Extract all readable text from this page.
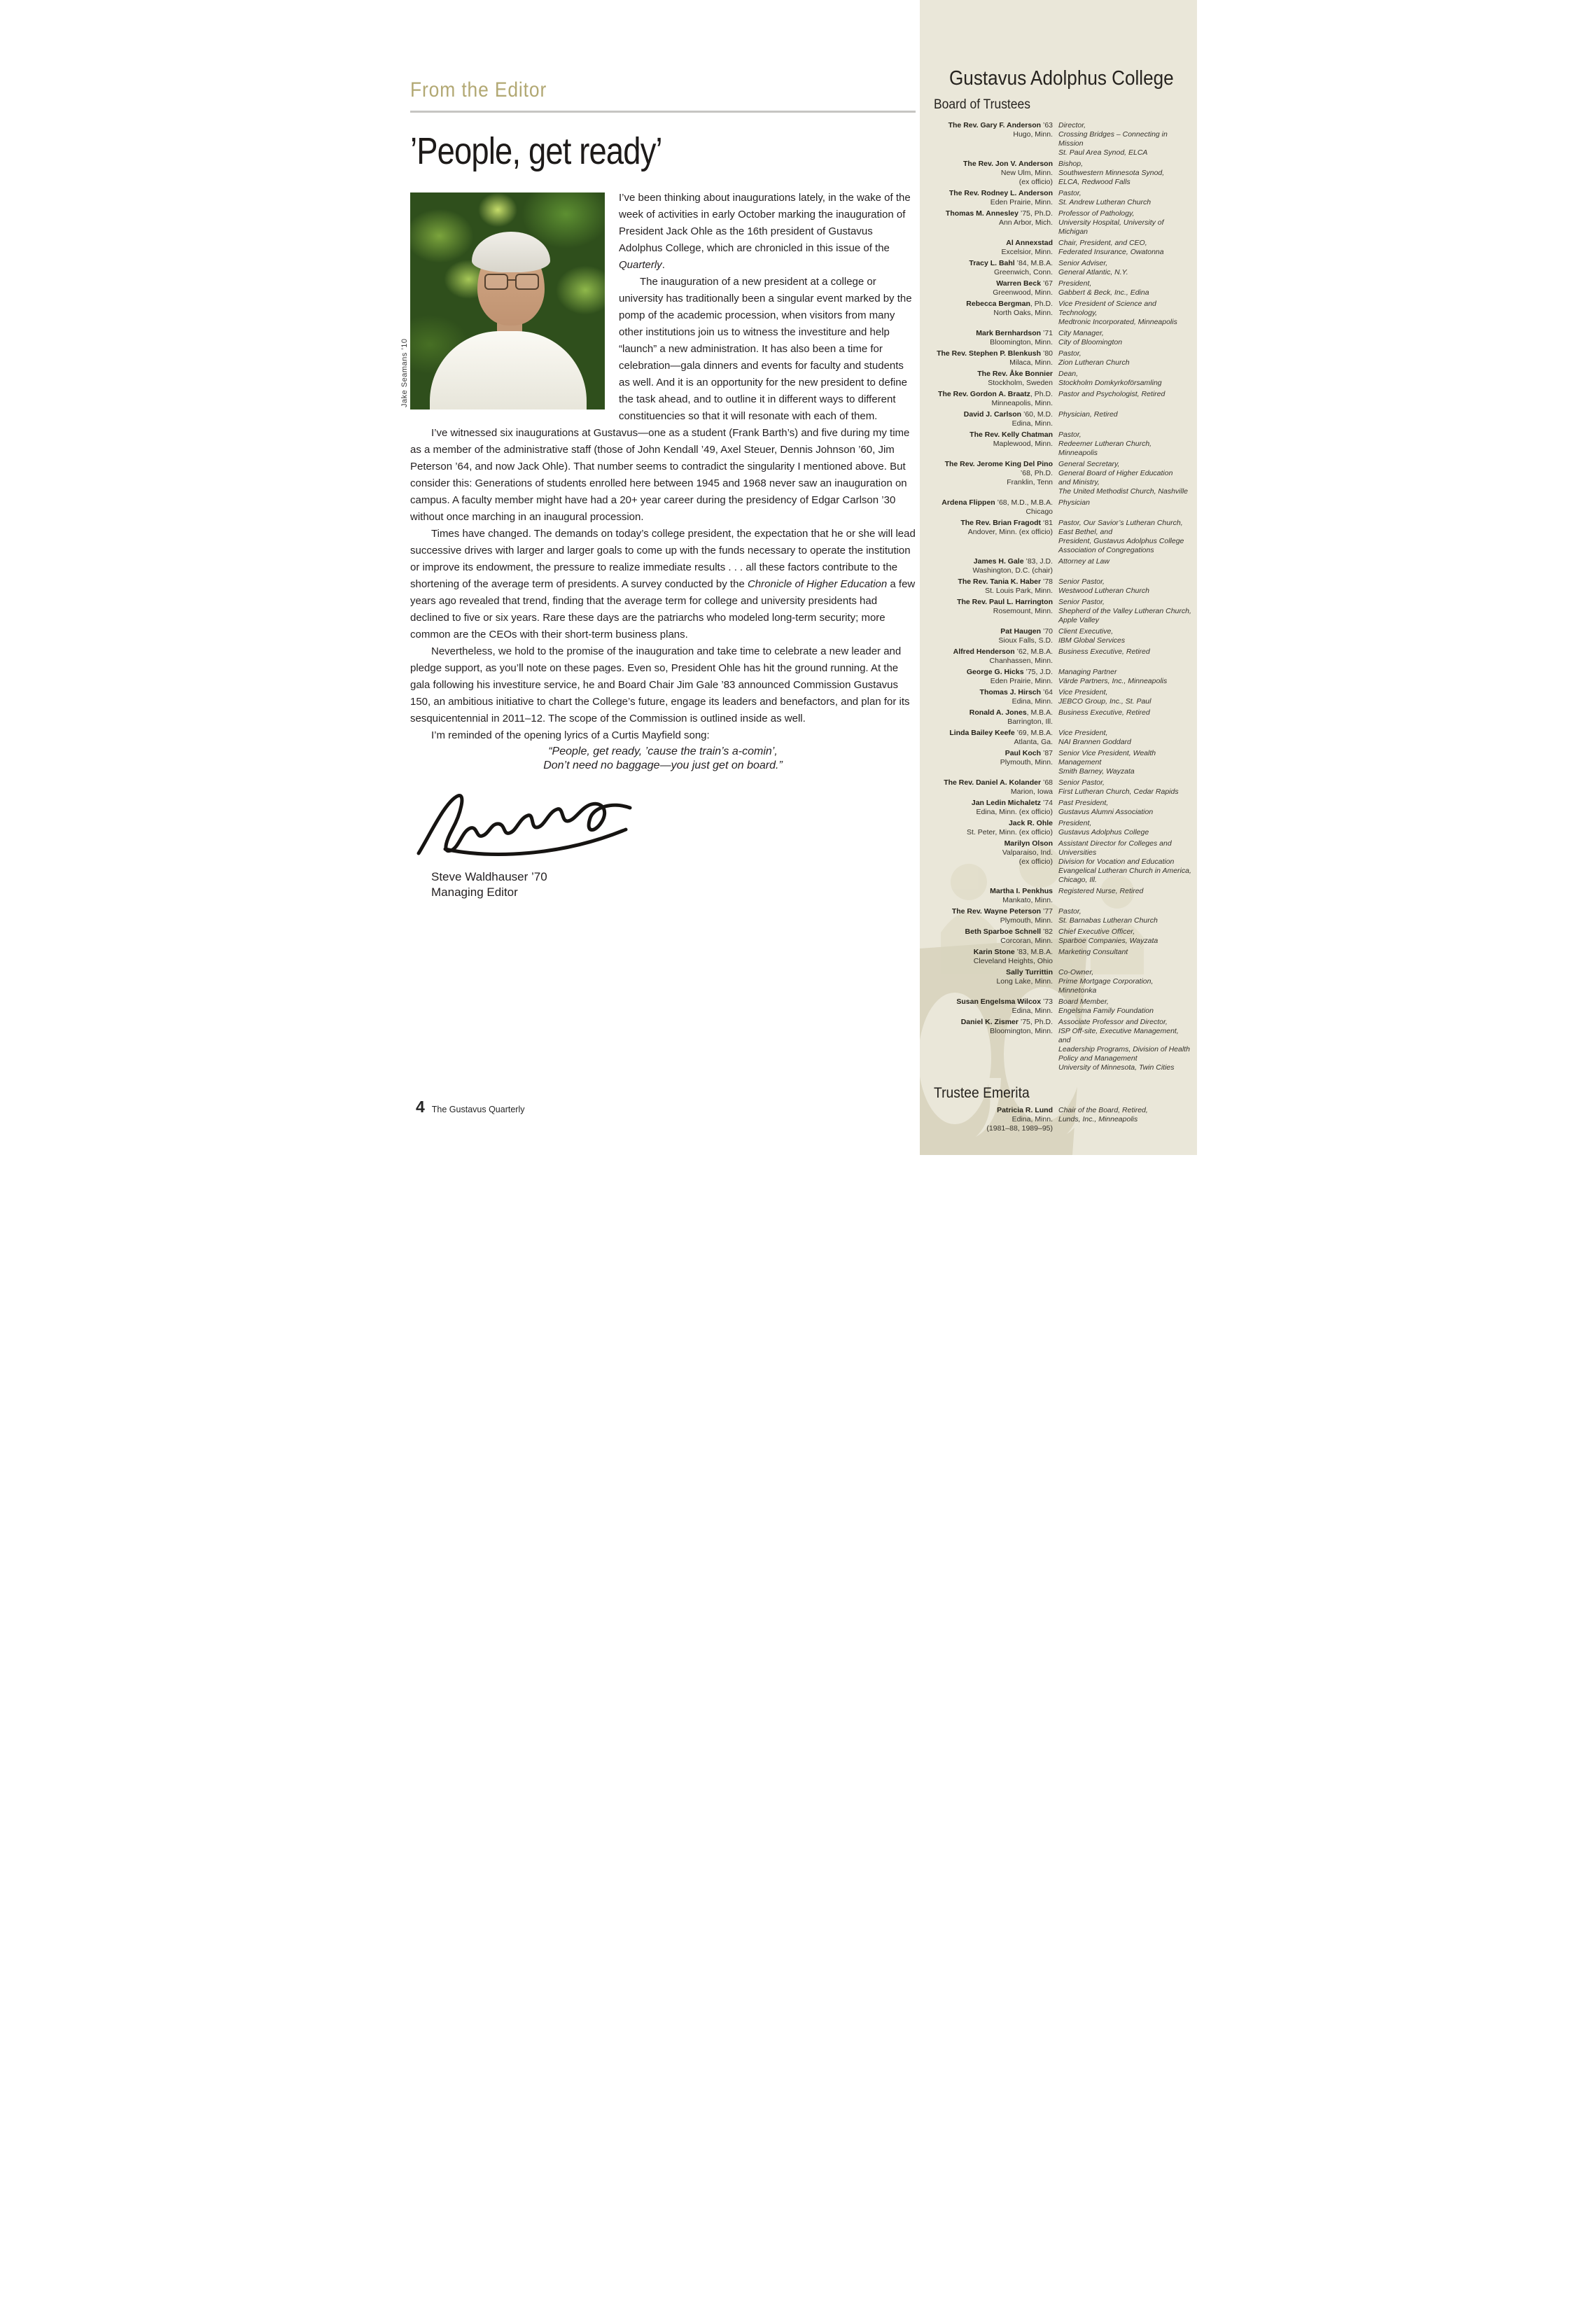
From the Editor
’People, get ready’

I’ve been thinking about inaugurations lately, in the wake of the week of activities in early October marking the inauguration of President Jack Ohle as the 16th president of Gustavus Adolphus College, which are chronicled in this issue of the Quarterly.

The inauguration of a new president at a college or university has traditionally been a singular event marked by the pomp of the academic procession, when visitors from many other institutions join us to witness the investiture and help “launch” a new administration. It has also been a time for celebration—gala dinners and events for faculty and students as well. And it is an opportunity for the new president to define the task ahead, and to outline it in different ways to different constituencies so that it will resonate with each of them.

I’ve witnessed six inaugurations at Gustavus—one as a student (Frank Barth’s) and five during my time as a member of the administrative staff (those of John Kendall ’49, Axel Steuer, Dennis Johnson ’60, Jim Peterson ’64, and now Jack Ohle). That number seems to contradict the singularity I mentioned above. But consider this: Generations of students enrolled here between 1945 and 1968 never saw an inauguration on campus. A faculty member might have had a 20+ year career during the presidency of Edgar Carlson ’30 without once marching in an inaugural procession.

Times have changed. The demands on today’s college president, the expectation that he or she will lead successive drives with larger and larger goals to come up with the funds necessary to operate the institution or improve its endowment, the pressure to realize immediate results . . . all these factors contribute to the shortening of the average term of presidents. A survey conducted by the Chronicle of Higher Education a few years ago revealed that trend, finding that the average term for college and university presidents had declined to five or six years. Rare these days are the patriarchs who modeled long-term security; more common are the CEOs with their short-term business plans.

Nevertheless, we hold to the promise of the inauguration and take time to celebrate a new leader and pledge support, as you’ll note on these pages. Even so, President Ohle has hit the ground running. At the gala following his investiture service, he and Board Chair Jim Gale ’83 announced Commission Gustavus 150, an ambitious initiative to chart the College’s future, engage its leaders and benefactors, and plan for its sesquicentennial in 2011–12. The scope of the Commission is outlined inside as well.

I’m reminded of the opening lyrics of a Curtis Mayfield song:

“People, get ready, ’cause the train’s a-comin’,
Don’t need no baggage—you just get on board.”
Steve Waldhauser ’70
Managing Editor
Jake Seamans ’10
4 The Gustavus Quarterly
Gustavus Adolphus College
Board of Trustees
The Rev. Gary F. Anderson ’63
Hugo, Minn.
Director,
Crossing Bridges – Connecting in Mission
St. Paul Area Synod, ELCA
The Rev. Jon V. Anderson
New Ulm, Minn.
(ex officio)
Bishop,
Southwestern Minnesota Synod,
ELCA, Redwood Falls
The Rev. Rodney L. Anderson
Eden Prairie, Minn.
Pastor,
St. Andrew Lutheran Church
Thomas M. Annesley ’75, Ph.D.
Ann Arbor, Mich.
Professor of Pathology,
University Hospital, University of Michigan
Al Annexstad
Excelsior, Minn.
Chair, President, and CEO,
Federated Insurance, Owatonna
Tracy L. Bahl ’84, M.B.A.
Greenwich, Conn.
Senior Adviser,
General Atlantic, N.Y.
Warren Beck ’67
Greenwood, Minn.
President,
Gabbert & Beck, Inc., Edina
Rebecca Bergman, Ph.D.
North Oaks, Minn.
Vice President of Science and Technology,
Medtronic Incorporated, Minneapolis
Mark Bernhardson ’71
Bloomington, Minn.
City Manager,
City of Bloomington
The Rev. Stephen P. Blenkush ’80
Milaca, Minn.
Pastor,
Zion Lutheran Church
The Rev. Åke Bonnier
Stockholm, Sweden
Dean,
Stockholm Domkyrkoförsamling
The Rev. Gordon A. Braatz, Ph.D.
Minneapolis, Minn.
Pastor and Psychologist, Retired
David J. Carlson ’60, M.D.
Edina, Minn.
Physician, Retired
The Rev. Kelly Chatman
Maplewood, Minn.
Pastor,
Redeemer Lutheran Church, Minneapolis
The Rev. Jerome King Del Pino ’68, Ph.D.
Franklin, Tenn
General Secretary,
General Board of Higher Education
and Ministry,
The United Methodist Church, Nashville
Ardena Flippen ’68, M.D., M.B.A.
Chicago
Physician
The Rev. Brian Fragodt ‘81
Andover, Minn. (ex officio)
Pastor, Our Savior’s Lutheran Church,
East Bethel, and
President, Gustavus Adolphus College
Association of Congregations
James H. Gale ’83, J.D.
Washington, D.C. (chair)
Attorney at Law
The Rev. Tania K. Haber ’78
St. Louis Park, Minn.
Senior Pastor,
Westwood Lutheran Church
The Rev. Paul L. Harrington
Rosemount, Minn.
Senior Pastor,
Shepherd of the Valley Lutheran Church,
Apple Valley
Pat Haugen ’70
Sioux Falls, S.D.
Client Executive,
IBM Global Services
Alfred Henderson ’62, M.B.A.
Chanhassen, Minn.
Business Executive, Retired
George G. Hicks ’75, J.D.
Eden Prairie, Minn.
Managing Partner
Värde Partners, Inc., Minneapolis
Thomas J. Hirsch ’64
Edina, Minn.
Vice President,
JEBCO Group, Inc., St. Paul
Ronald A. Jones, M.B.A.
Barrington, Ill.
Business Executive, Retired
Linda Bailey Keefe ’69, M.B.A.
Atlanta, Ga.
Vice President,
NAI Brannen Goddard
Paul Koch ’87
Plymouth, Minn.
Senior Vice President, Wealth Management
Smith Barney, Wayzata
The Rev. Daniel A. Kolander ’68
Marion, Iowa
Senior Pastor,
First Lutheran Church, Cedar Rapids
Jan Ledin Michaletz ’74
Edina, Minn. (ex officio)
Past President,
Gustavus Alumni Association
Jack R. Ohle
St. Peter, Minn. (ex officio)
President,
Gustavus Adolphus College
Marilyn Olson
Valparaiso, Ind.
(ex officio)
Assistant Director for Colleges and Universities
Division for Vocation and Education
Evangelical Lutheran Church in America,
Chicago, Ill.
Martha I. Penkhus
Mankato, Minn.
Registered Nurse, Retired
The Rev. Wayne Peterson ’77
Plymouth, Minn.
Pastor,
St. Barnabas Lutheran Church
Beth Sparboe Schnell ’82
Corcoran, Minn.
Chief Executive Officer,
Sparboe Companies, Wayzata
Karin Stone ’83, M.B.A.
Cleveland Heights, Ohio
Marketing Consultant
Sally Turrittin
Long Lake, Minn.
Co-Owner,
Prime Mortgage Corporation, Minnetonka
Susan Engelsma Wilcox ’73
Edina, Minn.
Board Member,
Engelsma Family Foundation
Daniel K. Zismer ’75, Ph.D.
Bloomington, Minn.
Associate Professor and Director,
ISP Off-site, Executive Management, and
Leadership Programs, Division of Health
Policy and Management
University of Minnesota, Twin Cities
Trustee Emerita
Patricia R. Lund
Edina, Minn.
(1981–88, 1989–95)
Chair of the Board, Retired,
Lunds, Inc., Minneapolis
